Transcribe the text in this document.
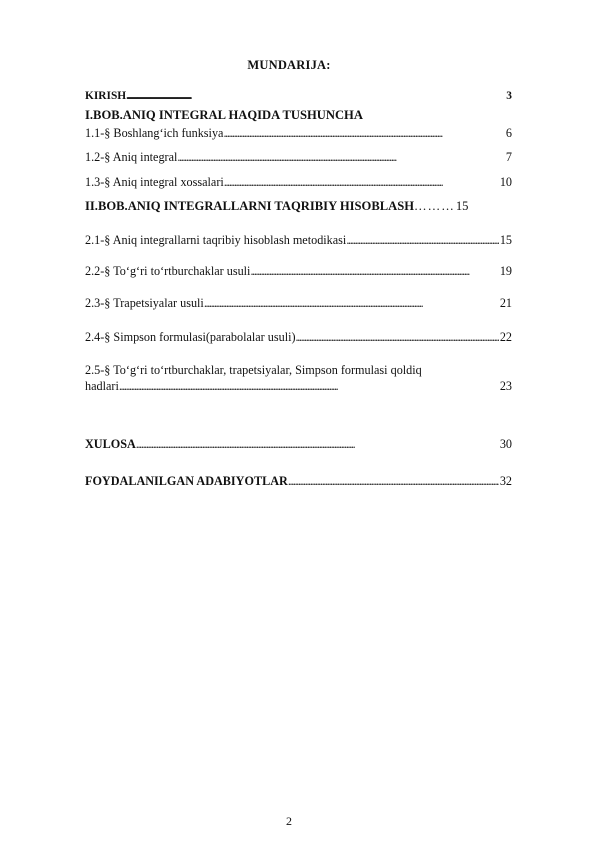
MUNDARIJA:
KIRISH . . .	3
I.BOB.ANIQ INTEGRAL HAQIDA TUSHUNCHA
1.1-§ Boshlang‘ich funksiya . . .	6
1.2-§ Aniq integral . . .	7
1.3-§ Aniq integral xossalari . . .	10
II.BOB.ANIQ INTEGRALLARNI TAQRIBIY HISOBLASH ……… 15
2.1-§ Aniq integrallarni taqribiy hisoblash metodikasi . . .	15
2.2-§ To‘g‘ri to‘rtburchaklar usuli . . .	19
2.3-§ Trapetsiyalar usuli . . .	21
2.4-§ Simpson formulasi(parabolalar usuli) . . .	22
2.5-§ To‘g‘ri to‘rtburchaklar, trapetsiyalar, Simpson formulasi qoldiq
hadlari . . .	23
XULOSA . . .	30
FOYDALANILGAN ADABIYOTLAR . . .	32
2
